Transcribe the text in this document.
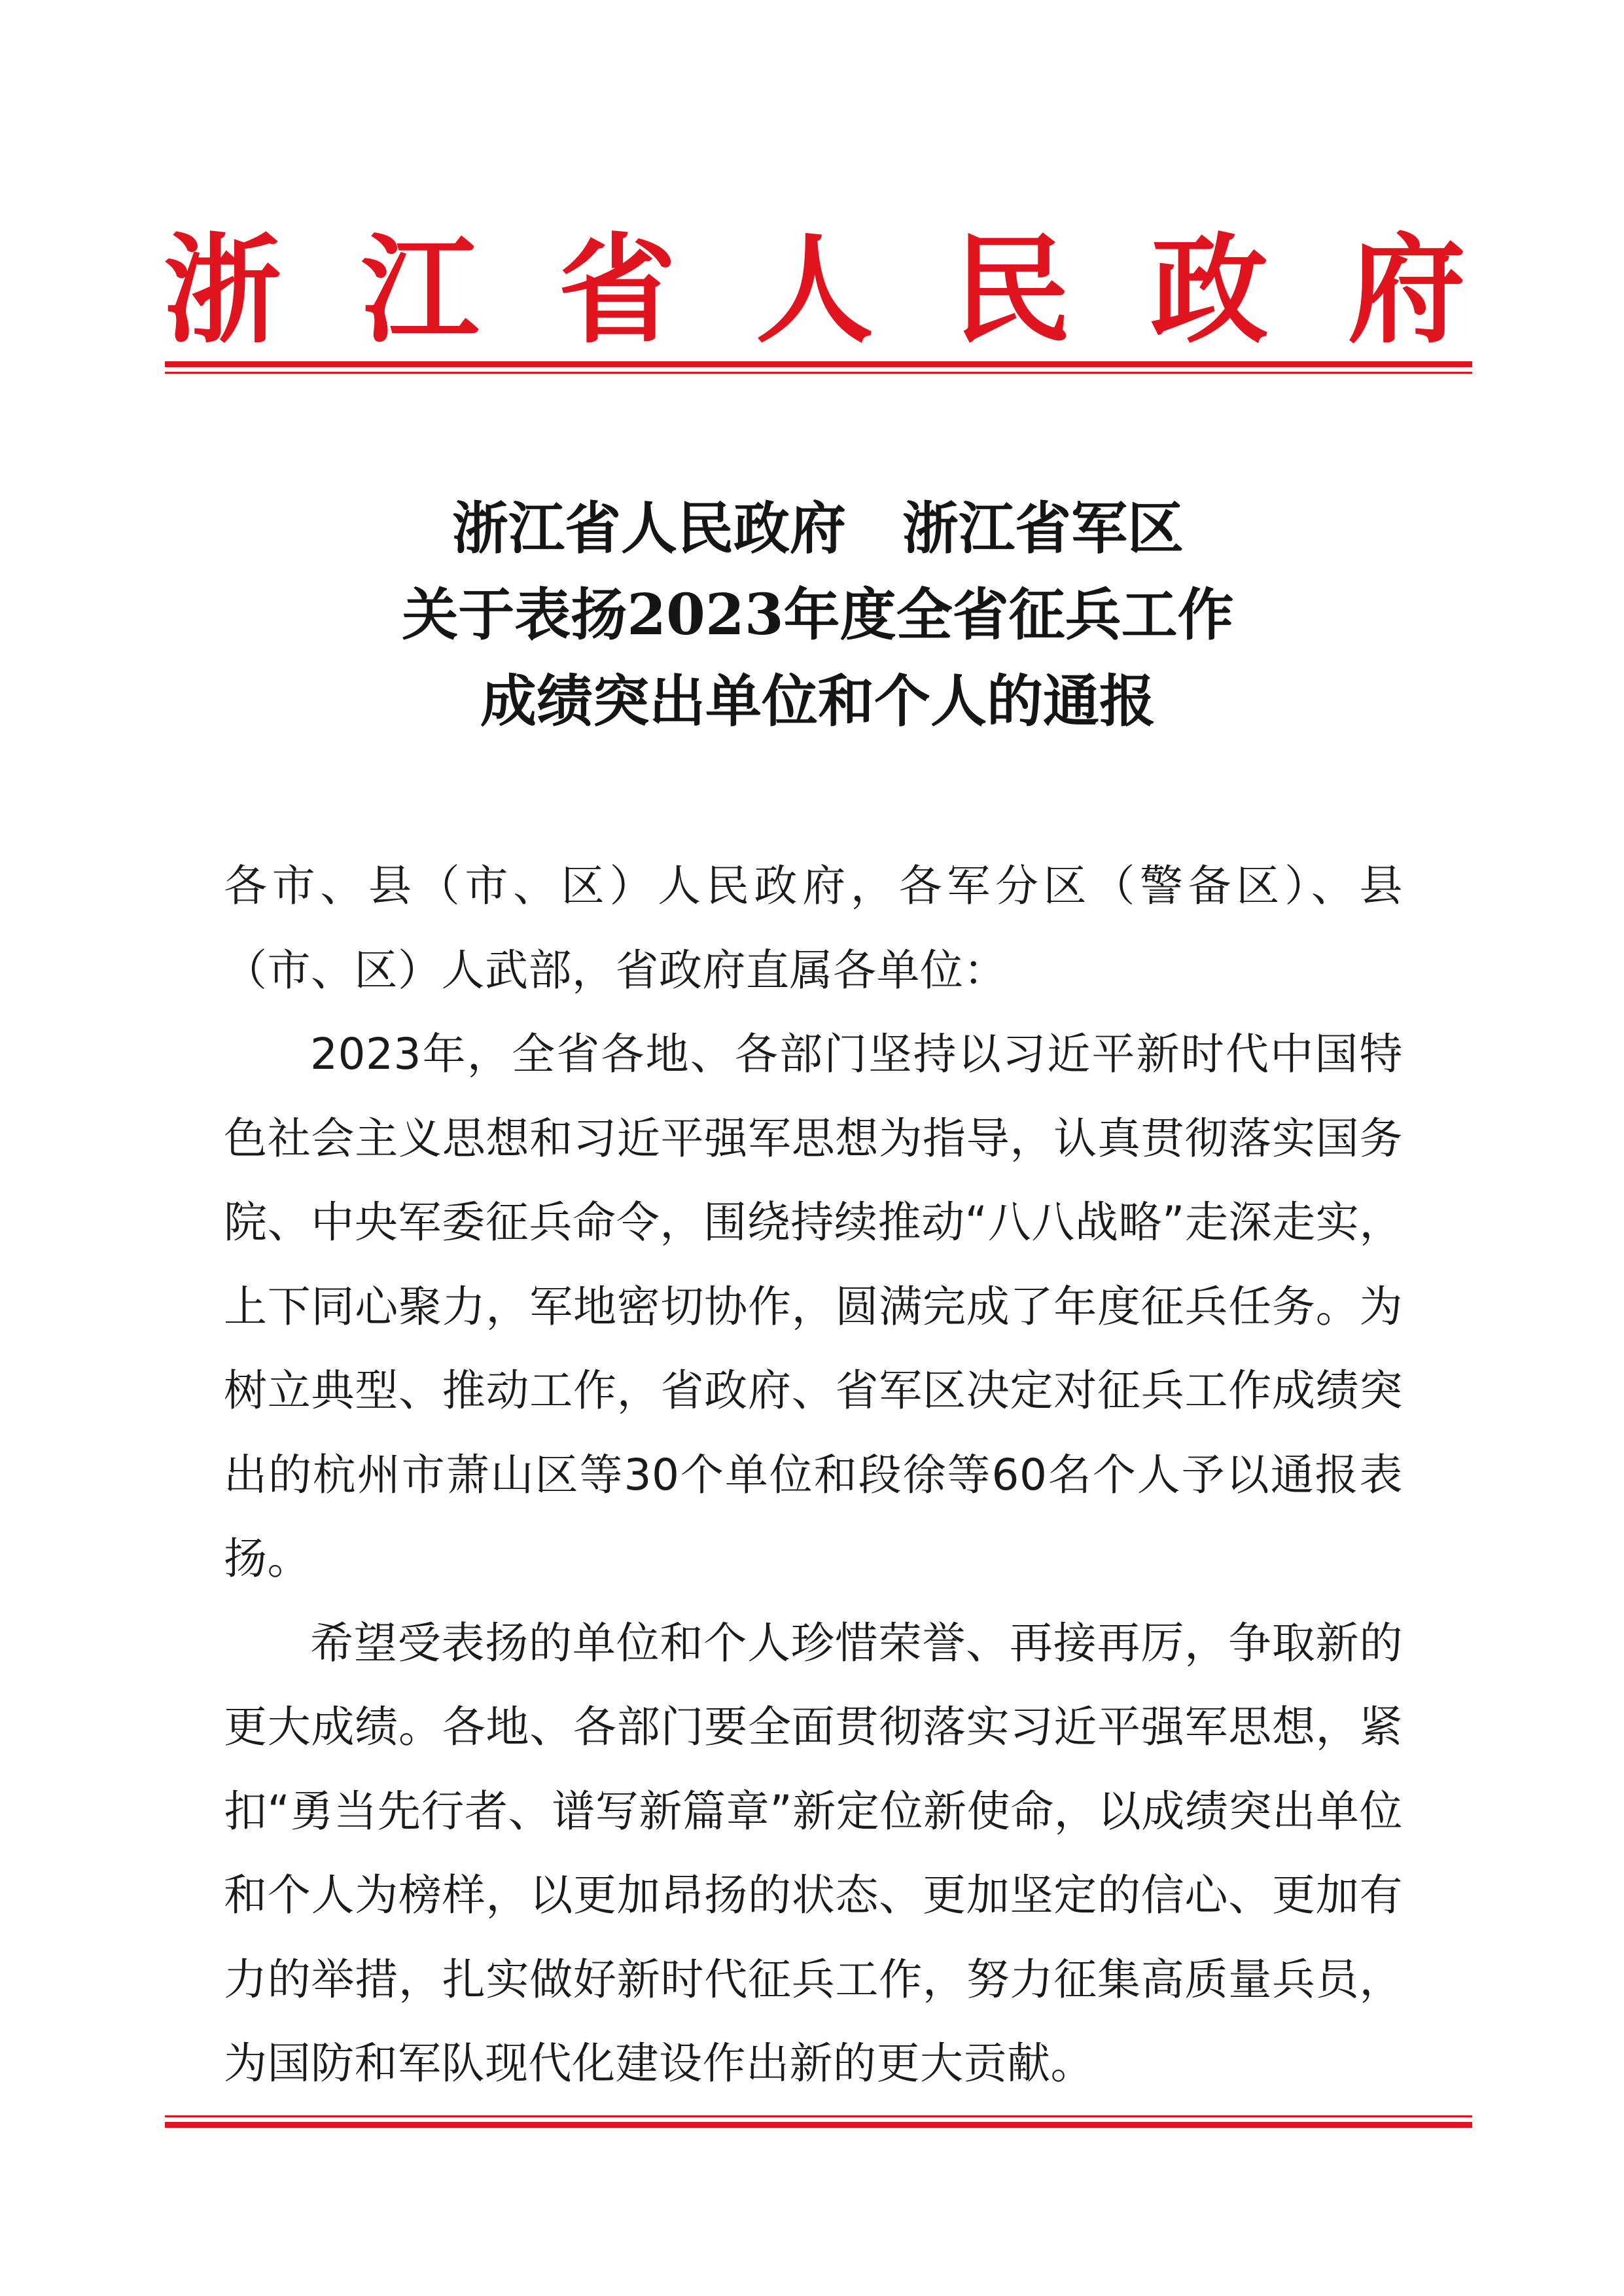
浙 江 省 人 民 政 府
浙江省人民政府 浙江省军区
关于表扬2023年度全省征兵工作
成绩突出单位和个人的通报

各市、县（市、区）人民政府，各军分区（警备区）、县（市、区）人武部，省政府直属各单位：

2023年，全省各地、各部门坚持以习近平新时代中国特色社会主义思想和习近平强军思想为指导，认真贯彻落实国务院、中央军委征兵命令，围绕持续推动“八八战略”走深走实，上下同心聚力，军地密切协作，圆满完成了年度征兵任务。为树立典型、推动工作，省政府、省军区决定对征兵工作成绩突出的杭州市萧山区等30个单位和段徐等60名个人予以通报表扬。

希望受表扬的单位和个人珍惜荣誉、再接再厉，争取新的更大成绩。各地、各部门要全面贯彻落实习近平强军思想，紧扣“勇当先行者、谱写新篇章”新定位新使命，以成绩突出单位和个人为榜样，以更加昂扬的状态、更加坚定的信心、更加有力的举措，扎实做好新时代征兵工作，努力征集高质量兵员，为国防和军队现代化建设作出新的更大贡献。
